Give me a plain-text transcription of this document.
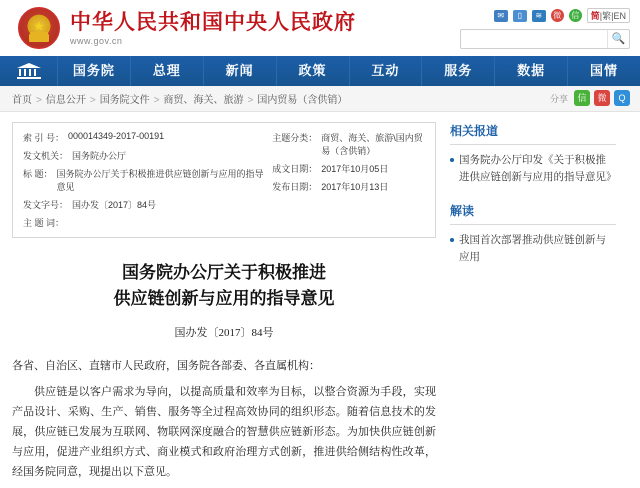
★ 中华人民共和国中央人民政府
www.gov.cn
✉	▯	≋	微	信	简|繁|EN
🔍
国务院	总理	新闻	政策	互动	服务	数据	国情
首页 > 信息公开 > 国务院文件 > 商贸、海关、旅游 > 国内贸易（含供销）	分享	信	微	Q
索 引 号： 000014349-2017-00191
发文机关： 国务院办公厅
标 题： 国务院办公厅关于积极推进供应链创新与应用的指导意见
发文字号： 国办发〔2017〕84号
主 题 词：
主题分类： 商贸、海关、旅游\国内贸易（含供销）
成文日期： 2017年10月05日
发布日期： 2017年10月13日
国务院办公厅关于积极推进
供应链创新与应用的指导意见
国办发〔2017〕84号

各省、自治区、直辖市人民政府，国务院各部委、各直属机构：

供应链是以客户需求为导向，以提高质量和效率为目标，以整合资源为手段，实现产品设计、采购、生产、销售、服务等全过程高效协同的组织形态。随着信息技术的发展，供应链已发展为互联网、物联网深度融合的智慧供应链新形态。为加快供应链创新与应用，促进产业组织方式、商业模式和政府治理方式创新，推进供给侧结构性改革，经国务院同意，现提出以下意见。

相关报道
国务院办公厅印发《关于积极推进供应链创新与应用的指导意见》
解读
我国首次部署推动供应链创新与应用
